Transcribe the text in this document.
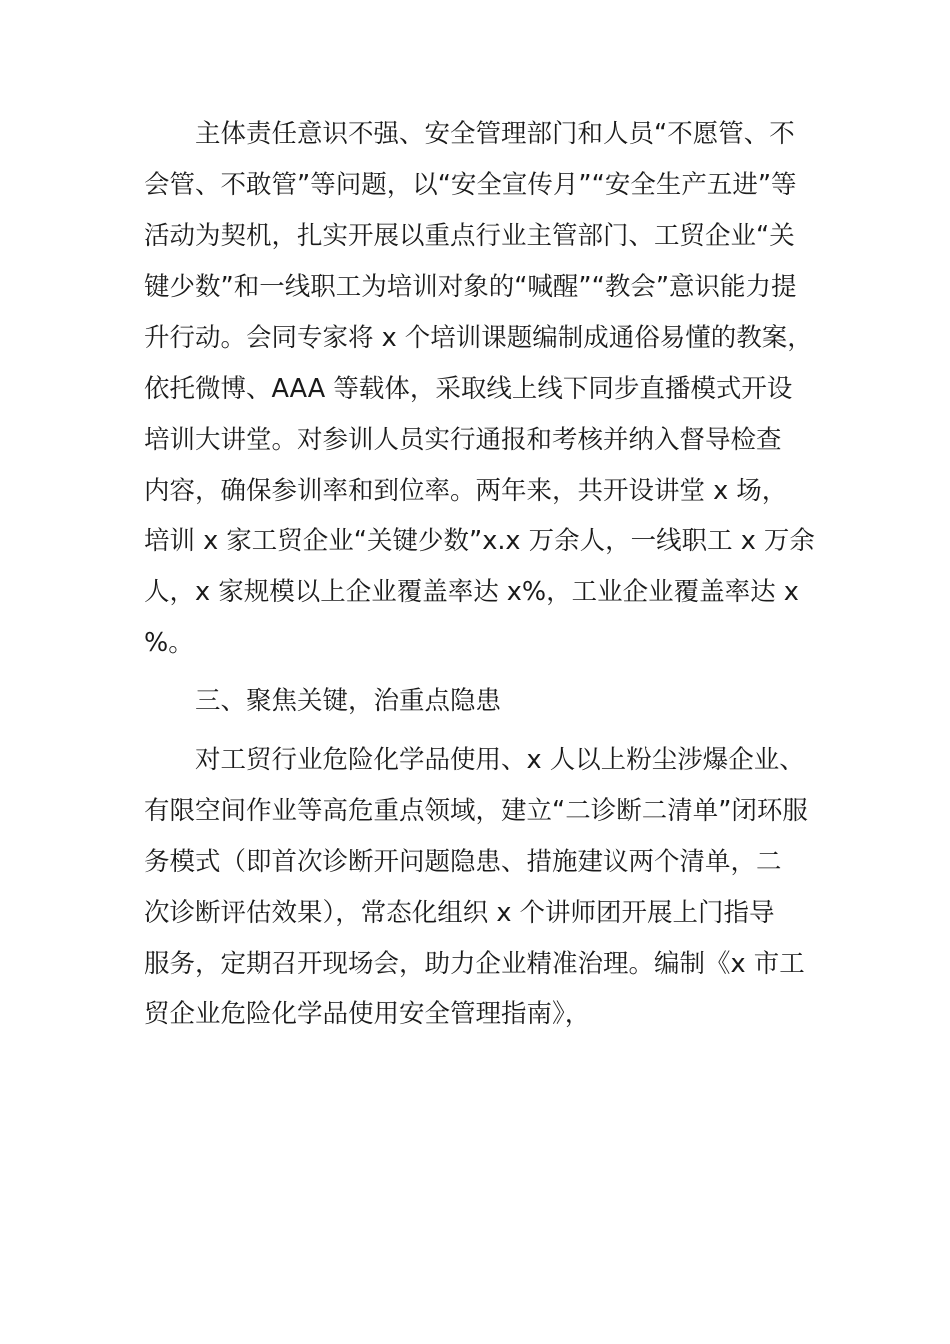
主体责任意识不强、安全管理部门和人员“不愿管、不

会管、不敢管”等问题，以“安全宣传月”“安全生产五进”等

活动为契机，扎实开展以重点行业主管部门、工贸企业“关

键少数”和一线职工为培训对象的“喊醒”“教会”意识能力提

升行动。会同专家将 x 个培训课题编制成通俗易懂的教案，

依托微博、AAA 等载体，采取线上线下同步直播模式开设

培训大讲堂。对参训人员实行通报和考核并纳入督导检查

内容，确保参训率和到位率。两年来，共开设讲堂 x 场，

培训 x 家工贸企业“关键少数”x.x 万余人，一线职工 x 万余

人，x 家规模以上企业覆盖率达 x%，工业企业覆盖率达 x

%。

三、聚焦关键，治重点隐患

对工贸行业危险化学品使用、x 人以上粉尘涉爆企业、

有限空间作业等高危重点领域，建立“二诊断二清单”闭环服

务模式（即首次诊断开问题隐患、措施建议两个清单，二

次诊断评估效果），常态化组织 x 个讲师团开展上门指导

服务，定期召开现场会，助力企业精准治理。编制《x 市工

贸企业危险化学品使用安全管理指南》，
